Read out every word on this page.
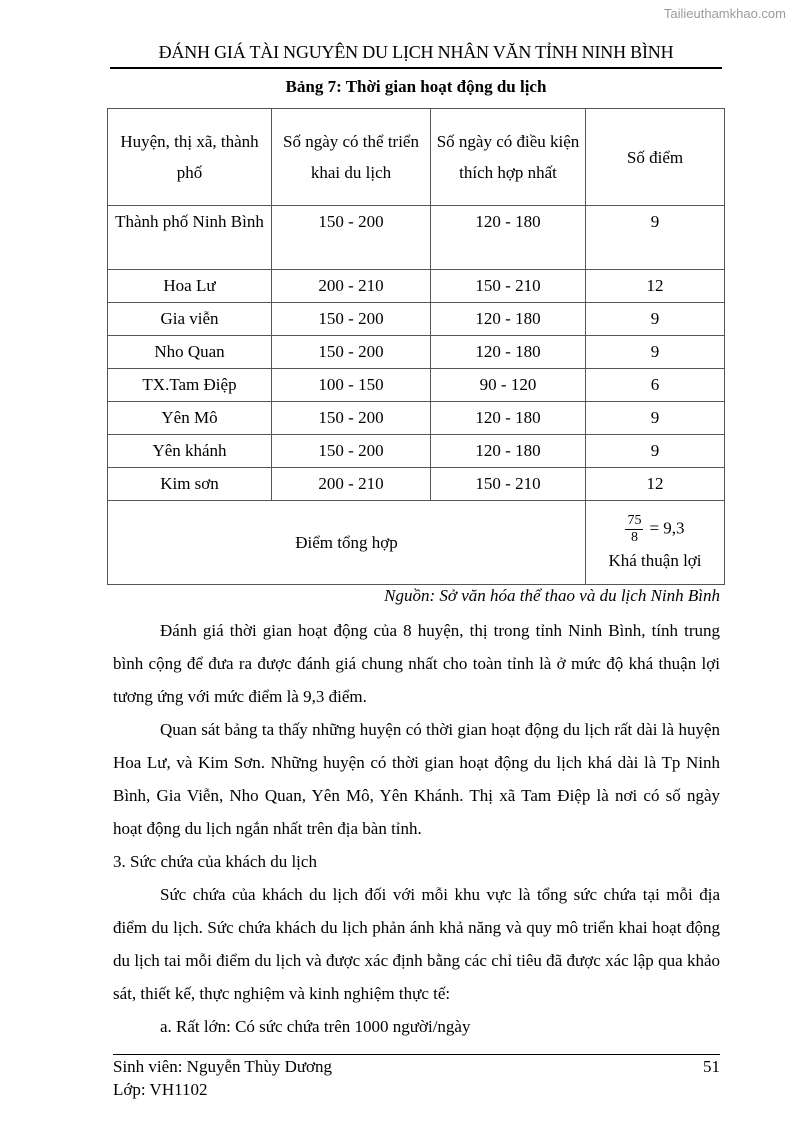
Tailieuthamkhao.com
ĐÁNH GIÁ TÀI NGUYÊN DU LỊCH NHÂN VĂN TỈNH NINH BÌNH
Bảng 7: Thời gian hoạt động du lịch
Huyện, thị xã, thành phố	Số ngày có thể triển khai du lịch	Số ngày có điều kiện thích hợp nhất	Số điểm
Thành phố Ninh Bình	150 - 200	120 - 180	9
Hoa Lư	200 - 210	150 - 210	12
Gia viễn	150 - 200	120 - 180	9
Nho Quan	150 - 200	120 - 180	9
TX.Tam Điệp	100 - 150	90 - 120	6
Yên Mô	150 - 200	120 - 180	9
Yên khánh	150 - 200	120 - 180	9
Kim sơn	200 - 210	150 - 210	12
Điểm tổng hợp			$\frac{75}{8} = 9,3$
Khá thuận lợi
Nguồn: Sở văn hóa thể thao và du lịch Ninh Bình

Đánh giá thời gian hoạt động của 8 huyện, thị trong tỉnh Ninh Bình, tính trung bình cộng để đưa ra được đánh giá chung nhất cho toàn tỉnh là ở mức độ khá thuận lợi tương ứng với mức điểm là 9,3 điểm.

Quan sát bảng ta thấy những huyện có thời gian hoạt động du lịch rất dài là huyện Hoa Lư, và Kim Sơn. Những huyện có thời gian hoạt động du lịch khá dài là Tp Ninh Bình, Gia Viễn, Nho Quan, Yên Mô, Yên Khánh. Thị xã Tam Điệp là nơi có số ngày hoạt động du lịch ngắn nhất trên địa bàn tỉnh.

3. Sức chứa của khách du lịch

Sức chứa của khách du lịch đối với mỗi khu vực là tổng sức chứa tại mỗi địa điểm du lịch. Sức chứa khách du lịch phản ánh khả năng và quy mô triển khai hoạt động du lịch tai mỗi điểm du lịch và được xác định bằng các chỉ tiêu đã được xác lập qua khảo sát, thiết kế, thực nghiệm và kinh nghiệm thực tế:

a. Rất lớn: Có sức chứa trên 1000 người/ngày

Sinh viên: Nguyễn Thùy Dương
Lớp: VH1102
51
